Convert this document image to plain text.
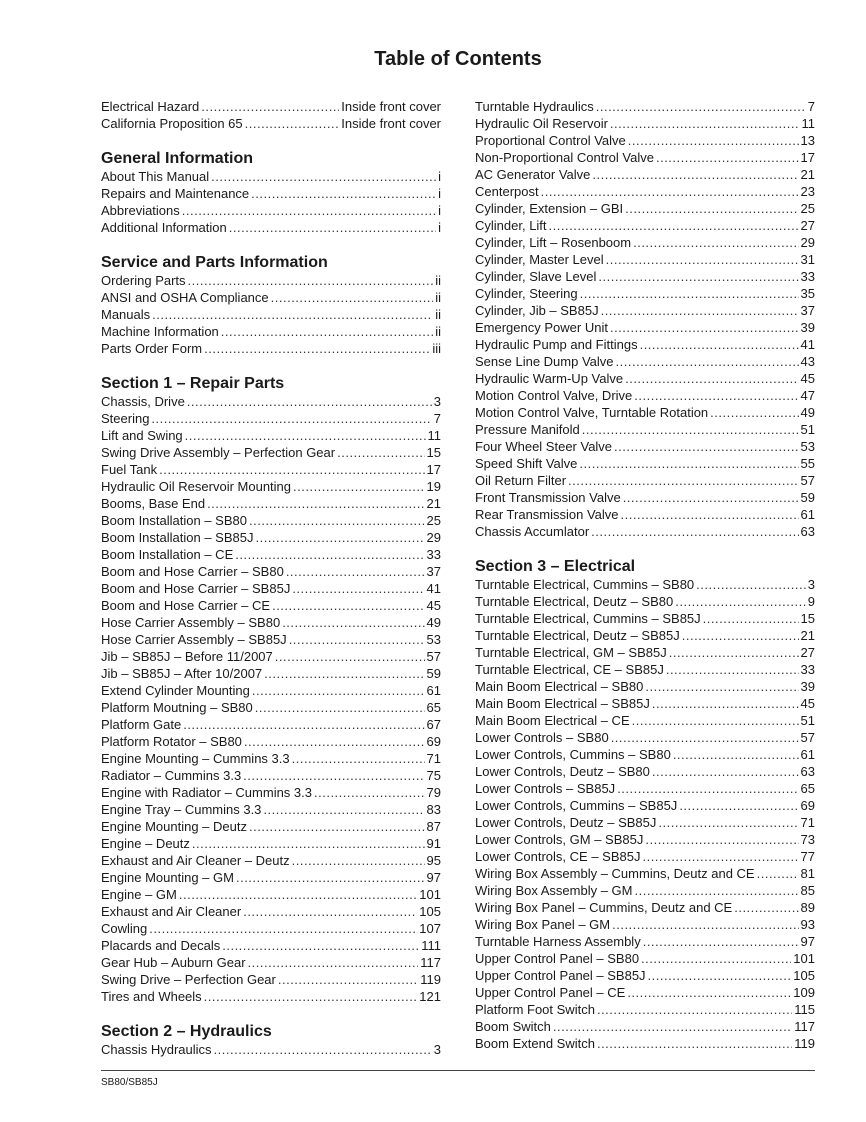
Table of Contents
Electrical Hazard .....	Inside front cover
California Proposition 65 .....	Inside front cover
General Information
About This Manual .....	i
Repairs and Maintenance .....	i
Abbreviations .....	i
Additional Information .....	i
Service and Parts Information
Ordering Parts .....	ii
ANSI and OSHA Compliance .....	ii
Manuals .....	ii
Machine Information .....	ii
Parts Order Form .....	iii
Section 1 – Repair Parts
Chassis, Drive .....	3
Steering .....	7
Lift and Swing .....	11
Swing Drive Assembly – Perfection Gear .....	15
Fuel Tank .....	17
Hydraulic Oil Reservoir Mounting .....	19
Booms, Base End .....	21
Boom Installation – SB80 .....	25
Boom Installation – SB85J .....	29
Boom Installation – CE .....	33
Boom and Hose Carrier – SB80 .....	37
Boom and Hose Carrier – SB85J .....	41
Boom and Hose Carrier – CE .....	45
Hose Carrier Assembly – SB80 .....	49
Hose Carrier Assembly – SB85J .....	53
Jib – SB85J – Before 11/2007 .....	57
Jib – SB85J – After 10/2007 .....	59
Extend Cylinder Mounting .....	61
Platform Moutning – SB80 .....	65
Platform Gate .....	67
Platform Rotator – SB80 .....	69
Engine Mounting – Cummins 3.3 .....	71
Radiator – Cummins 3.3 .....	75
Engine with Radiator – Cummins 3.3 .....	79
Engine Tray – Cummins 3.3 .....	83
Engine Mounting – Deutz .....	87
Engine – Deutz .....	91
Exhaust and Air Cleaner – Deutz .....	95
Engine Mounting – GM .....	97
Engine – GM .....	101
Exhaust and Air Cleaner .....	105
Cowling .....	107
Placards and Decals .....	111
Gear Hub – Auburn Gear .....	117
Swing Drive – Perfection Gear .....	119
Tires and Wheels .....	121
Section 2 – Hydraulics
Chassis Hydraulics .....	3
Turntable Hydraulics .....	7
Hydraulic Oil Reservoir .....	11
Proportional Control Valve .....	13
Non-Proportional Control Valve .....	17
AC Generator Valve .....	21
Centerpost .....	23
Cylinder, Extension – GBI .....	25
Cylinder, Lift .....	27
Cylinder, Lift – Rosenboom .....	29
Cylinder, Master Level .....	31
Cylinder, Slave Level .....	33
Cylinder, Steering .....	35
Cylinder, Jib – SB85J .....	37
Emergency Power Unit .....	39
Hydraulic Pump and Fittings .....	41
Sense Line Dump Valve .....	43
Hydraulic Warm-Up Valve .....	45
Motion Control Valve, Drive .....	47
Motion Control Valve, Turntable Rotation .....	49
Pressure Manifold .....	51
Four Wheel Steer Valve .....	53
Speed Shift Valve .....	55
Oil Return Filter .....	57
Front Transmission Valve .....	59
Rear Transmission Valve .....	61
Chassis Accumlator .....	63
Section 3 – Electrical
Turntable Electrical, Cummins – SB80 .....	3
Turntable Electrical, Deutz – SB80 .....	9
Turntable Electrical, Cummins – SB85J .....	15
Turntable Electrical, Deutz – SB85J .....	21
Turntable Electrical, GM – SB85J .....	27
Turntable Electrical, CE – SB85J .....	33
Main Boom Electrical – SB80 .....	39
Main Boom Electrical – SB85J .....	45
Main Boom Electrical – CE .....	51
Lower Controls – SB80 .....	57
Lower Controls, Cummins – SB80 .....	61
Lower Controls, Deutz – SB80 .....	63
Lower Controls – SB85J .....	65
Lower Controls, Cummins – SB85J .....	69
Lower Controls, Deutz – SB85J .....	71
Lower Controls, GM – SB85J .....	73
Lower Controls, CE – SB85J .....	77
Wiring Box Assembly – Cummins, Deutz and CE .....	81
Wiring Box Assembly – GM .....	85
Wiring Box Panel – Cummins, Deutz and CE .....	89
Wiring Box Panel – GM .....	93
Turntable Harness Assembly .....	97
Upper Control Panel – SB80 .....	101
Upper Control Panel – SB85J .....	105
Upper Control Panel – CE .....	109
Platform Foot Switch .....	115
Boom Switch .....	117
Boom Extend Switch .....	119
SB80/SB85J
